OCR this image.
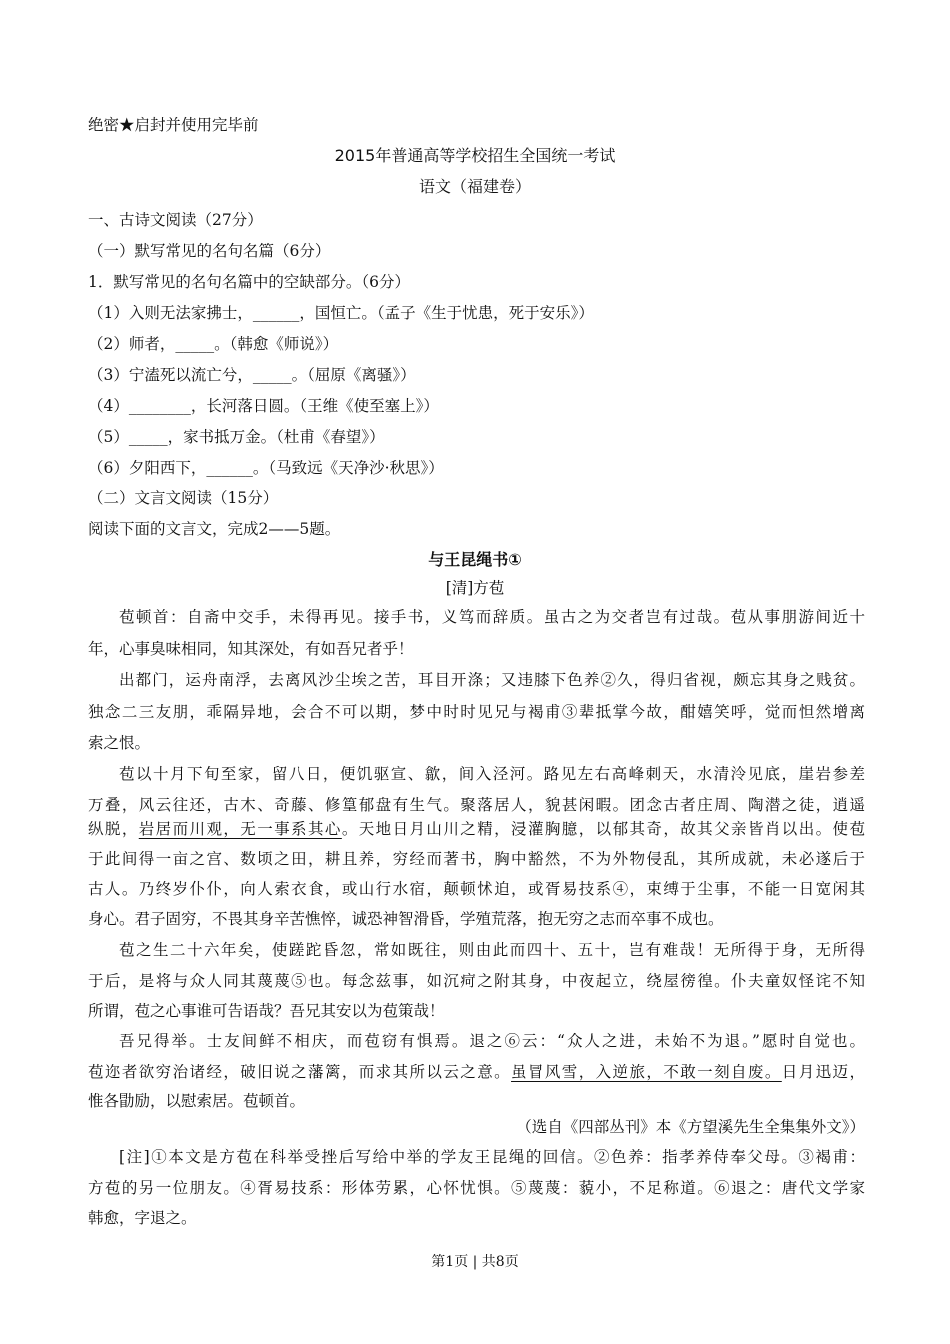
绝密★启封并使用完毕前
2015年普通高等学校招生全国统一考试
语文（福建卷）
一、古诗文阅读（27分）
（一）默写常见的名句名篇（6分）
1．默写常见的名句名篇中的空缺部分。（6分）
（1）入则无法家拂士，______，国恒亡。（孟子《生于忧患，死于安乐》）
（2）师者，_____。（韩愈《师说》）
（3）宁溘死以流亡兮，_____。（屈原《离骚》）
（4）________，长河落日圆。（王维《使至塞上》）
（5）_____，家书抵万金。（杜甫《春望》）
（6）夕阳西下，______。（马致远《天净沙·秋思》）
（二）文言文阅读（15分）
阅读下面的文言文，完成2——5题。
与王昆绳书①
[清]方苞
苞顿首：自斋中交手，未得再见。接手书，义笃而辞质。虽古之为交者岂有过哉。苞从事朋游间近十
年，心事臭味相同，知其深处，有如吾兄者乎！
出都门，运舟南浮，去离风沙尘埃之苦，耳目开涤；又违膝下色养②久，得归省视，颇忘其身之贱贫。
独念二三友朋，乖隔异地，会合不可以期，梦中时时见兄与褐甫③辈抵掌今故，酣嬉笑呼，觉而怛然增离
索之恨。
苞以十月下旬至家，留八日，便饥驱宣、歙，间入泾河。路见左右高峰刺天，水清泠见底，崖岩参差
万叠，风云往还，古木、奇藤、修篁郁盘有生气。聚落居人，貌甚闲暇。团念古者庄周、陶潜之徒，逍遥
纵脱，岩居而川观，无一事系其心。天地日月山川之精，浸灌胸臆，以郁其奇，故其父亲皆肖以出。使苞
于此间得一亩之宫、数顷之田，耕且养，穷经而著书，胸中豁然，不为外物侵乱，其所成就，未必遂后于
古人。乃终岁仆仆，向人索衣食，或山行水宿，颠顿怵迫，或胥易技系④，束缚于尘事，不能一日宽闲其
身心。君子固穷，不畏其身辛苦憔悴，诚恐神智滑昏，学殖荒落，抱无穷之志而卒事不成也。
苞之生二十六年矣，使蹉跎昏忽，常如既往，则由此而四十、五十，岂有难哉！无所得于身，无所得
于后，是将与众人同其蔑蔑⑤也。每念兹事，如沉疴之附其身，中夜起立，绕屋徬徨。仆夫童奴怪诧不知
所谓，苞之心事谁可告语哉？吾兄其安以为苞策哉！
吾兄得举。士友间鲜不相庆，而苞窃有惧焉。退之⑥云：“众人之进，未始不为退。”愿时自觉也。
苞迩者欲穷治诸经，破旧说之藩篱，而求其所以云之意。虽冒风雪，入逆旅，不敢一刻自废。日月迅迈，
惟各勖励，以慰索居。苞顿首。
（选自《四部丛刊》本《方望溪先生全集集外文》）
[注]①本文是方苞在科举受挫后写给中举的学友王昆绳的回信。②色养：指孝养侍奉父母。③褐甫：
方苞的另一位朋友。④胥易技系：形体劳累，心怀忧惧。⑤蔑蔑：藐小，不足称道。⑥退之：唐代文学家
韩愈，字退之。
第1页 | 共8页
